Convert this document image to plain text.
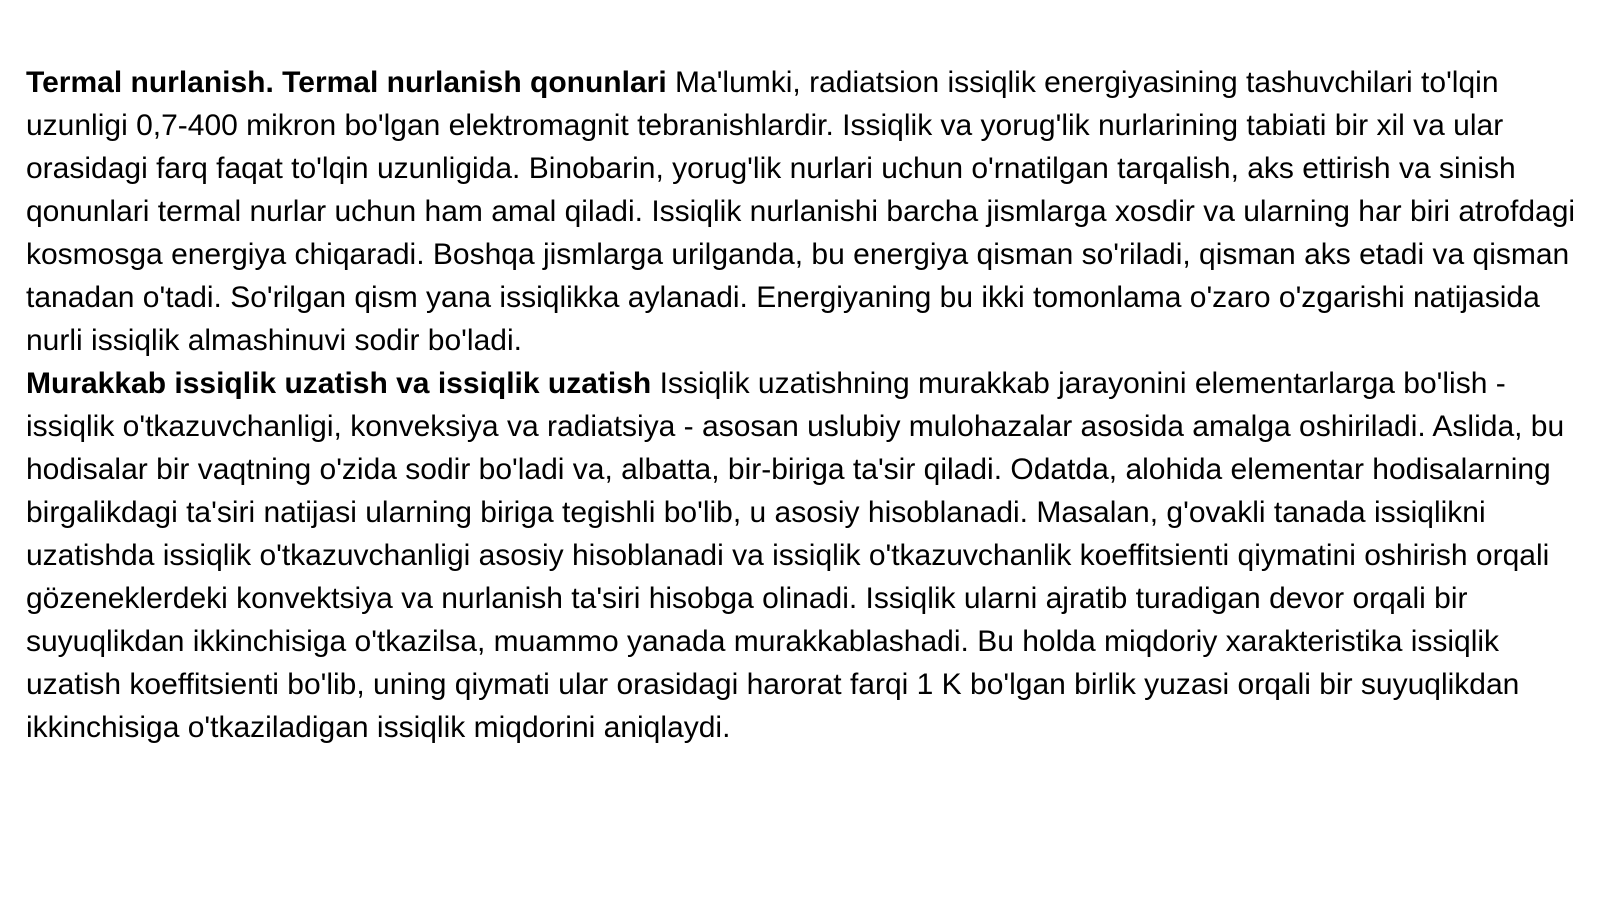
Termal nurlanish. Termal nurlanish qonunlari Ma'lumki, radiatsion issiqlik energiyasining tashuvchilari to'lqin uzunligi 0,7-400 mikron bo'lgan elektromagnit tebranishlardir. Issiqlik va yorug'lik nurlarining tabiati bir xil va ular orasidagi farq faqat to'lqin uzunligida. Binobarin, yorug'lik nurlari uchun o'rnatilgan tarqalish, aks ettirish va sinish qonunlari termal nurlar uchun ham amal qiladi. Issiqlik nurlanishi barcha jismlarga xosdir va ularning har biri atrofdagi kosmosga energiya chiqaradi. Boshqa jismlarga urilganda, bu energiya qisman so'riladi, qisman aks etadi va qisman tanadan o'tadi. So'rilgan qism yana issiqlikka aylanadi. Energiyaning bu ikki tomonlama o'zaro o'zgarishi natijasida nurli issiqlik almashinuvi sodir bo'ladi.

Murakkab issiqlik uzatish va issiqlik uzatish Issiqlik uzatishning murakkab jarayonini elementarlarga bo'lish - issiqlik o'tkazuvchanligi, konveksiya va radiatsiya - asosan uslubiy mulohazalar asosida amalga oshiriladi. Aslida, bu hodisalar bir vaqtning o'zida sodir bo'ladi va, albatta, bir-biriga ta'sir qiladi. Odatda, alohida elementar hodisalarning birgalikdagi ta'siri natijasi ularning biriga tegishli bo'lib, u asosiy hisoblanadi. Masalan, g'ovakli tanada issiqlikni uzatishda issiqlik o'tkazuvchanligi asosiy hisoblanadi va issiqlik o'tkazuvchanlik koeffitsienti qiymatini oshirish orqali gözeneklerdeki konvektsiya va nurlanish ta'siri hisobga olinadi. Issiqlik ularni ajratib turadigan devor orqali bir suyuqlikdan ikkinchisiga o'tkazilsa, muammo yanada murakkablashadi. Bu holda miqdoriy xarakteristika issiqlik uzatish koeffitsienti bo'lib, uning qiymati ular orasidagi harorat farqi 1 K bo'lgan birlik yuzasi orqali bir suyuqlikdan ikkinchisiga o'tkaziladigan issiqlik miqdorini aniqlaydi.
